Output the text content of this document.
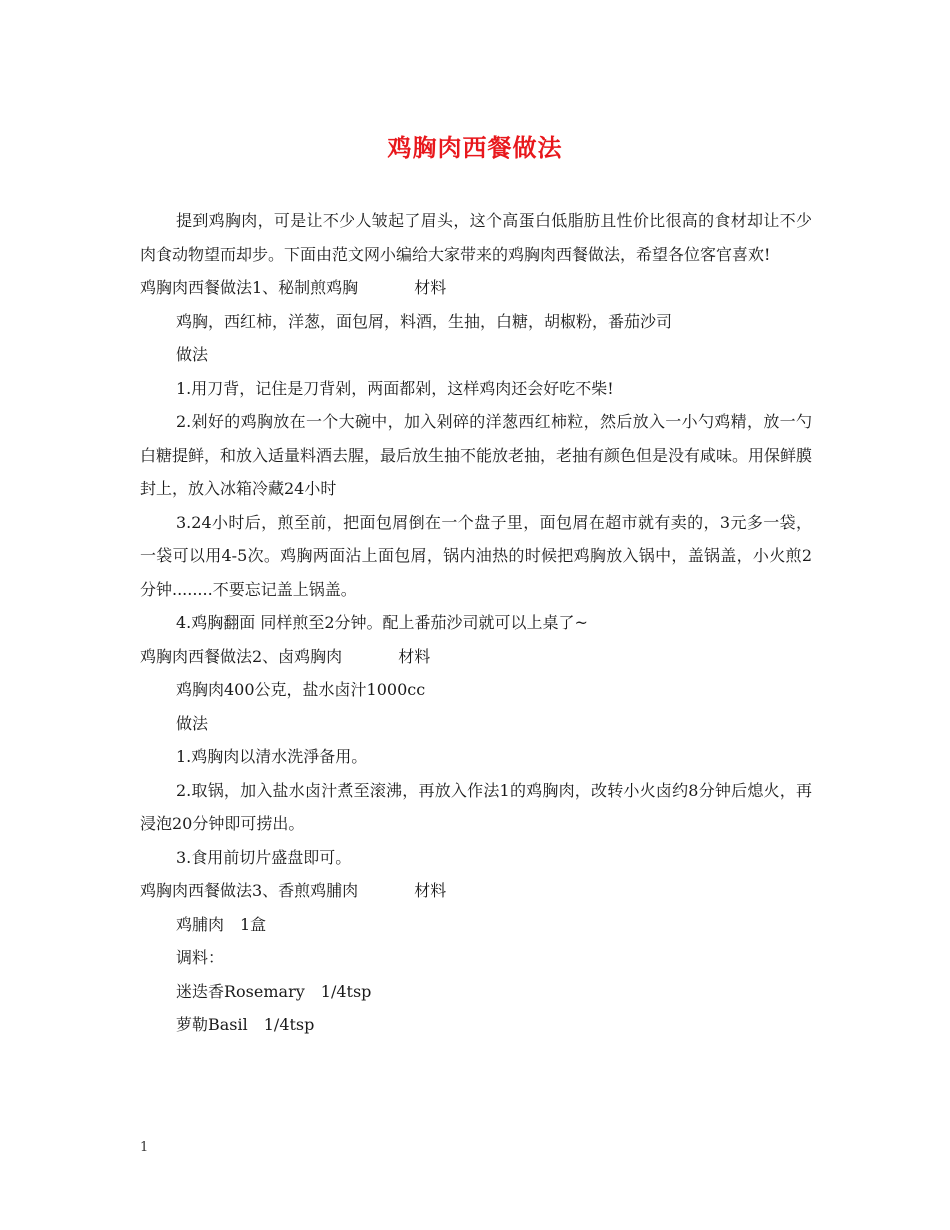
鸡胸肉西餐做法

提到鸡胸肉，可是让不少人皱起了眉头，这个高蛋白低脂肪且性价比很高的食材却让不少肉食动物望而却步。下面由范文网小编给大家带来的鸡胸肉西餐做法，希望各位客官喜欢!

鸡胸肉西餐做法1、秘制煎鸡胸	材料

鸡胸，西红柿，洋葱，面包屑，料酒，生抽，白糖，胡椒粉，番茄沙司

做法

1.用刀背，记住是刀背剁，两面都剁，这样鸡肉还会好吃不柴!

2.剁好的鸡胸放在一个大碗中，加入剁碎的洋葱西红柿粒，然后放入一小勺鸡精，放一勺白糖提鲜，和放入适量料酒去腥，最后放生抽不能放老抽，老抽有颜色但是没有咸味。用保鲜膜封上，放入冰箱冷藏24小时

3.24小时后，煎至前，把面包屑倒在一个盘子里，面包屑在超市就有卖的，3元多一袋，一袋可以用4-5次。鸡胸两面沾上面包屑，锅内油热的时候把鸡胸放入锅中，盖锅盖，小火煎2分钟........不要忘记盖上锅盖。

4.鸡胸翻面 同样煎至2分钟。配上番茄沙司就可以上桌了~

鸡胸肉西餐做法2、卤鸡胸肉	材料

鸡胸肉400公克，盐水卤汁1000cc

做法

1.鸡胸肉以清水洗淨备用。

2.取锅，加入盐水卤汁煮至滚沸，再放入作法1的鸡胸肉，改转小火卤约8分钟后熄火，再浸泡20分钟即可捞出。

3.食用前切片盛盘即可。

鸡胸肉西餐做法3、香煎鸡脯肉	材料

鸡脯肉　1盒

调料：

迷迭香Rosemary　1/4tsp

萝勒Basil　1/4tsp

1
